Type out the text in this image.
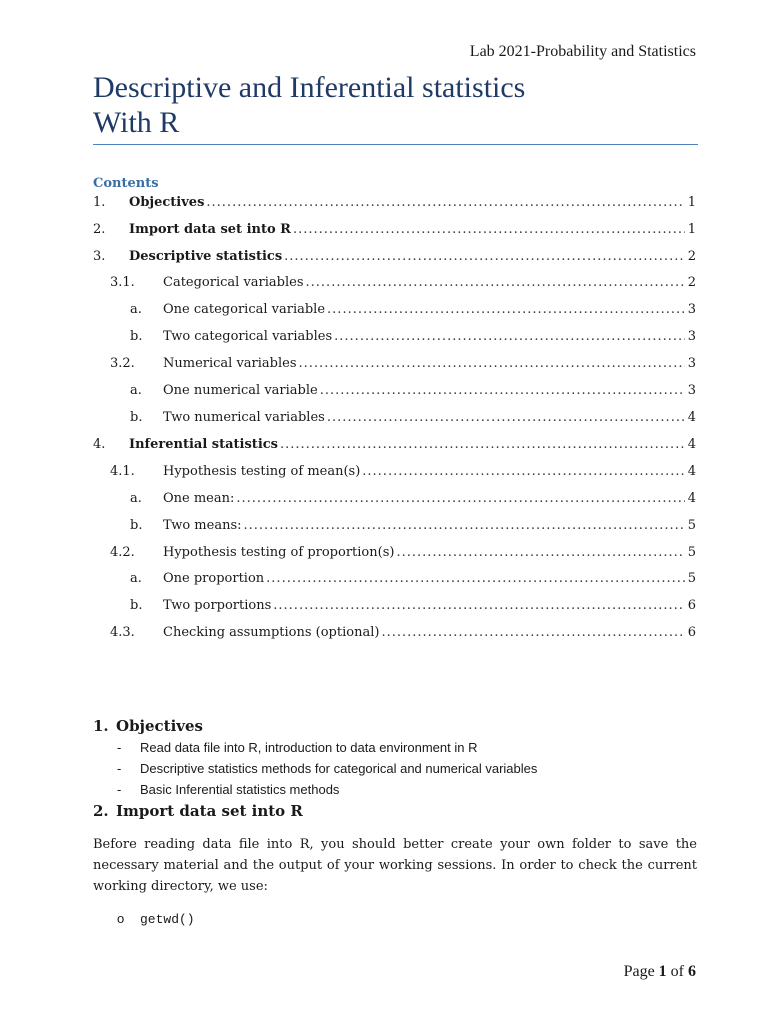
Lab 2021-Probability and Statistics
Descriptive and Inferential statistics
With R
Contents
1.	Objectives .....	1
2.	Import data set into R .....	1
3.	Descriptive statistics .....	2
3.1.	Categorical variables .....	2
a.	One categorical variable .....	3
b.	Two categorical variables .....	3
3.2.	Numerical variables .....	3
a.	One numerical variable .....	3
b.	Two numerical variables .....	4
4.	Inferential statistics .....	4
4.1.	Hypothesis testing of mean(s) .....	4
a.	One mean: .....	4
b.	Two means: .....	5
4.2.	Hypothesis testing of proportion(s) .....	5
a.	One proportion .....	5
b.	Two porportions .....	6
4.3.	Checking assumptions (optional) .....	6
1. Objectives
- Read data file into R, introduction to data environment in R
- Descriptive statistics methods for categorical and numerical variables
- Basic Inferential statistics methods
2. Import data set into R
Before reading data file into R, you should better create your own folder to save the necessary material and the output of your working sessions. In order to check the current working directory, we use:
o getwd()
Page 1 of 6
